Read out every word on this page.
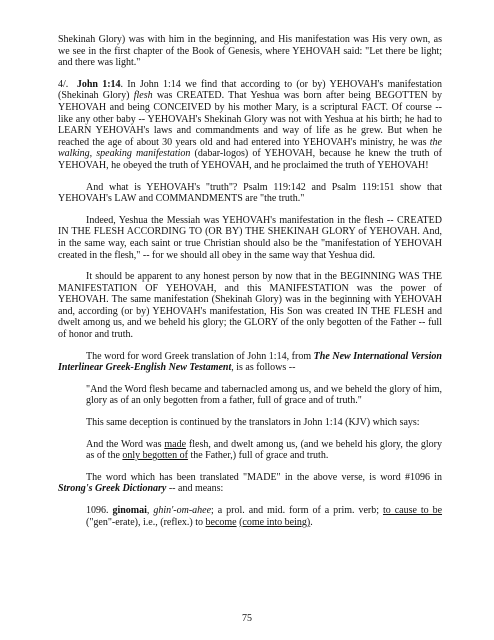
Shekinah Glory) was with him in the beginning, and His manifestation was His very own, as we see in the first chapter of the Book of Genesis, where YEHOVAH said: "Let there be light; and there was light."

4/. John 1:14. In John 1:14 we find that according to (or by) YEHOVAH's manifestation (Shekinah Glory) flesh was CREATED. That Yeshua was born after being BEGOTTEN by YEHOVAH and being CONCEIVED by his mother Mary, is a scriptural FACT. Of course -- like any other baby -- YEHOVAH's Shekinah Glory was not with Yeshua at his birth; he had to LEARN YEHOVAH's laws and commandments and way of life as he grew. But when he reached the age of about 30 years old and had entered into YEHOVAH's ministry, he was the walking, speaking manifestation (dabar-logos) of YEHOVAH, because he knew the truth of YEHOVAH, he obeyed the truth of YEHOVAH, and he proclaimed the truth of YEHOVAH!

And what is YEHOVAH's "truth"? Psalm 119:142 and Psalm 119:151 show that YEHOVAH's LAW and COMMANDMENTS are "the truth."

Indeed, Yeshua the Messiah was YEHOVAH's manifestation in the flesh -- CREATED IN THE FLESH ACCORDING TO (OR BY) THE SHEKINAH GLORY of YEHOVAH. And, in the same way, each saint or true Christian should also be the "manifestation of YEHOVAH created in the flesh," -- for we should all obey in the same way that Yeshua did.

It should be apparent to any honest person by now that in the BEGINNING WAS THE MANIFESTATION OF YEHOVAH, and this MANIFESTATION was the power of YEHOVAH. The same manifestation (Shekinah Glory) was in the beginning with YEHOVAH and, according (or by) YEHOVAH's manifestation, His Son was created IN THE FLESH and dwelt among us, and we beheld his glory; the GLORY of the only begotten of the Father -- full of honor and truth.

The word for word Greek translation of John 1:14, from The New International Version Interlinear Greek-English New Testament, is as follows --

"And the Word flesh became and tabernacled among us, and we beheld the glory of him, glory as of an only begotten from a father, full of grace and of truth."

This same deception is continued by the translators in John 1:14 (KJV) which says:

And the Word was made flesh, and dwelt among us, (and we beheld his glory, the glory as of the only begotten of the Father,) full of grace and truth.

The word which has been translated "MADE" in the above verse, is word #1096 in Strong's Greek Dictionary -- and means:

1096. ginomai, ghin'-om-ahee; a prol. and mid. form of a prim. verb; to cause to be ("gen"-erate), i.e., (reflex.) to become (come into being).

75
